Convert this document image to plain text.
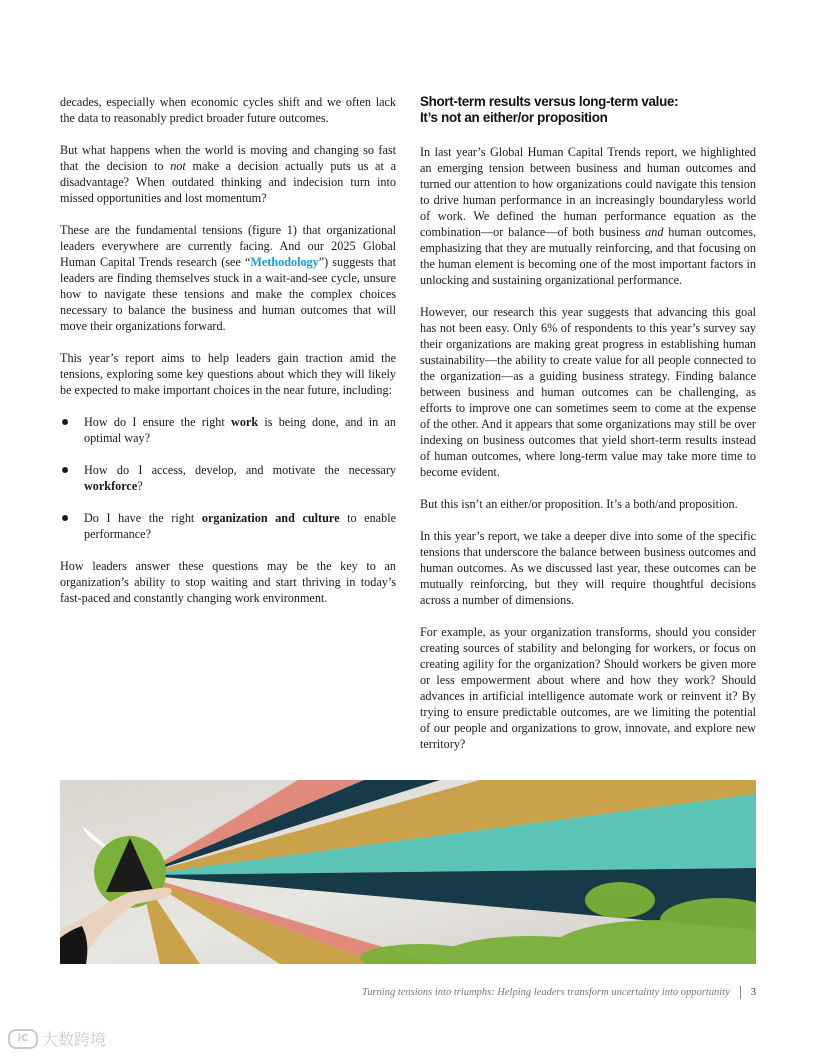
decades, especially when economic cycles shift and we often lack the data to reasonably predict broader future outcomes.

But what happens when the world is moving and changing so fast that the decision to not make a decision actually puts us at a disadvantage? When outdated thinking and indecision turn into missed opportunities and lost momentum?

These are the fundamental tensions (figure 1) that organizational leaders everywhere are currently facing. And our 2025 Global Human Capital Trends research (see “Methodology”) suggests that leaders are finding themselves stuck in a wait-and-see cycle, unsure how to navigate these tensions and make the complex choices necessary to balance the business and human outcomes that will move their organizations forward.

This year’s report aims to help leaders gain traction amid the tensions, exploring some key questions about which they will likely be expected to make important choices in the near future, including:

How do I ensure the right work is being done, and in an optimal way?
How do I access, develop, and motivate the necessary workforce?
Do I have the right organization and culture to enable performance?

How leaders answer these questions may be the key to an organization’s ability to stop waiting and start thriving in today’s fast-paced and constantly changing work environment.

Short-term results versus long-term value:
It’s not an either/or proposition

In last year’s Global Human Capital Trends report, we highlighted an emerging tension between business and human outcomes and turned our attention to how organizations could navigate this tension to drive human performance in an increasingly boundaryless world of work. We defined the human performance equation as the combination—or balance—of both business and human outcomes, emphasizing that they are mutually reinforcing, and that focusing on the human element is becoming one of the most important factors in unlocking and sustaining organizational performance.

However, our research this year suggests that advancing this goal has not been easy. Only 6% of respondents to this year’s survey say their organizations are making great progress in establishing human sustainability—the ability to create value for all people connected to the organization—as a guiding business strategy. Finding balance between business and human outcomes can be challenging, as efforts to improve one can sometimes seem to come at the expense of the other. And it appears that some organizations may still be over indexing on business outcomes that yield short-term results instead of human outcomes, where long-term value may take more time to become evident.

But this isn’t an either/or proposition. It’s a both/and proposition.

In this year’s report, we take a deeper dive into some of the specific tensions that underscore the balance between business outcomes and human outcomes. As we discussed last year, these outcomes can be mutually reinforcing, but they will require thoughtful decisions across a number of dimensions.

For example, as your organization transforms, should you consider creating sources of stability and belonging for workers, or focus on creating agility for the organization? Should workers be given more or less empowerment about where and how they work? Should advances in artificial intelligence automate work or reinvent it? By trying to ensure predictable outcomes, are we limiting the potential of our people and organizations to grow, innovate, and explore new territory?

Turning tensions into triumphs: Helping leaders transform uncertainty into opportunity 3
iC 大数跨境
